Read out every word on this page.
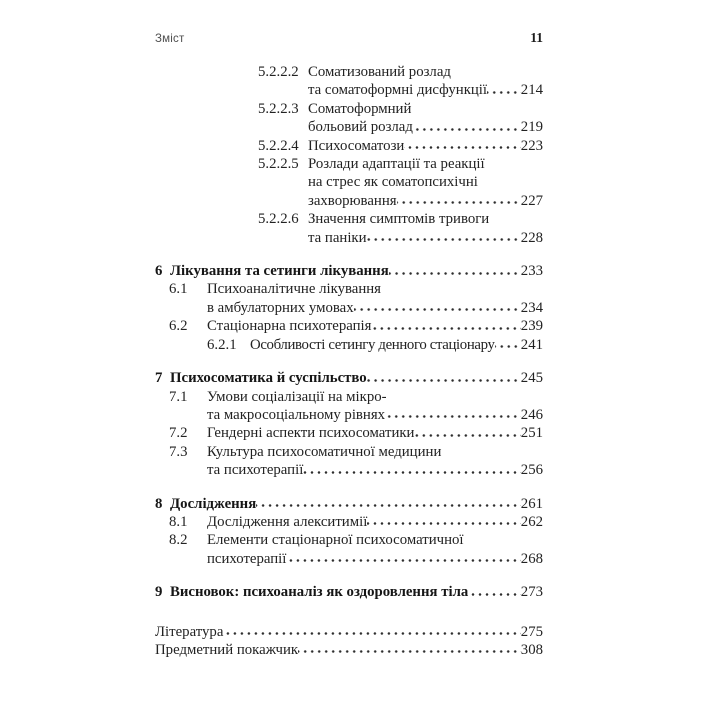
Зміст	11
5.2.2.2 Соматизований розлад
та соматоформні дисфункції 214
5.2.2.3 Соматоформний
больовий розлад	219
5.2.2.4 Психосоматози	223
5.2.2.5 Розлади адаптації та реакції
на стрес як соматопсихічні
захворювання	227
5.2.2.6 Значення симптомів тривоги
та паніки	228
6 Лікування та сетинги лікування	233
6.1	Психоаналітичне лікування
в амбулаторних умовах	234
6.2	Стаціонарна психотерапія	239
6.2.1 Особливості сетингу денного стаціонару 241
7 Психосоматика й суспільство	245
7.1	Умови соціалізації на мікро-
та макросоціальному рівнях	246
7.2	Гендерні аспекти психосоматики	251
7.3	Культура психосоматичної медицини
та психотерапії	256
8 Дослідження	261
8.1	Дослідження алекситимії	262
8.2	Елементи стаціонарної психосоматичної
психотерапії	268
9 Висновок: психоаналіз як оздоровлення тіла	273
Література	275
Предметний покажчик	308
